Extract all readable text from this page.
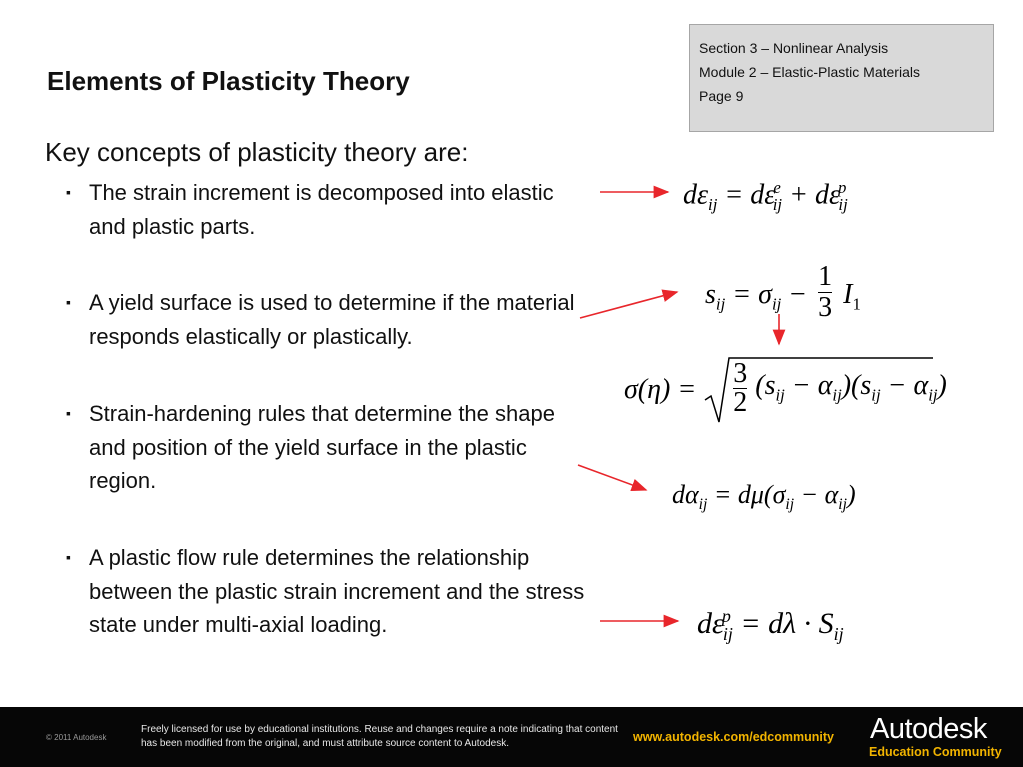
Elements of Plasticity Theory
Section 3 – Nonlinear Analysis
Module 2 – Elastic-Plastic Materials
Page 9
Key concepts of plasticity theory are:
▪ The strain increment is decomposed into elastic and plastic parts.
▪ A yield surface is used to determine if the material responds elastically or plastically.
▪ Strain-hardening rules that determine the shape and position of the yield surface in the plastic region.
▪ A plastic flow rule determines the relationship between the plastic strain increment and the stress state under multi-axial loading.
$d\varepsilon_{ij} = d\varepsilon^e_{ij} + d\varepsilon^p_{ij}$
$s_{ij} = \sigma_{ij} - \frac{1}{3} I_1$
σ(η) =
3
2
$(s_{ij} - \alpha_{ij})(s_{ij} - \alpha_{ij})$
$d\alpha_{ij} = d\mu(\sigma_{ij} - \alpha_{ij})$
$d\varepsilon^p_{ij} = d\lambda \cdot S_{ij}$
© 2011 Autodesk
Freely licensed for use by educational institutions. Reuse and changes require a note indicating that content has been modified from the original, and must attribute source content to Autodesk.	www.autodesk.com/edcommunity Autodesk
Education Community
